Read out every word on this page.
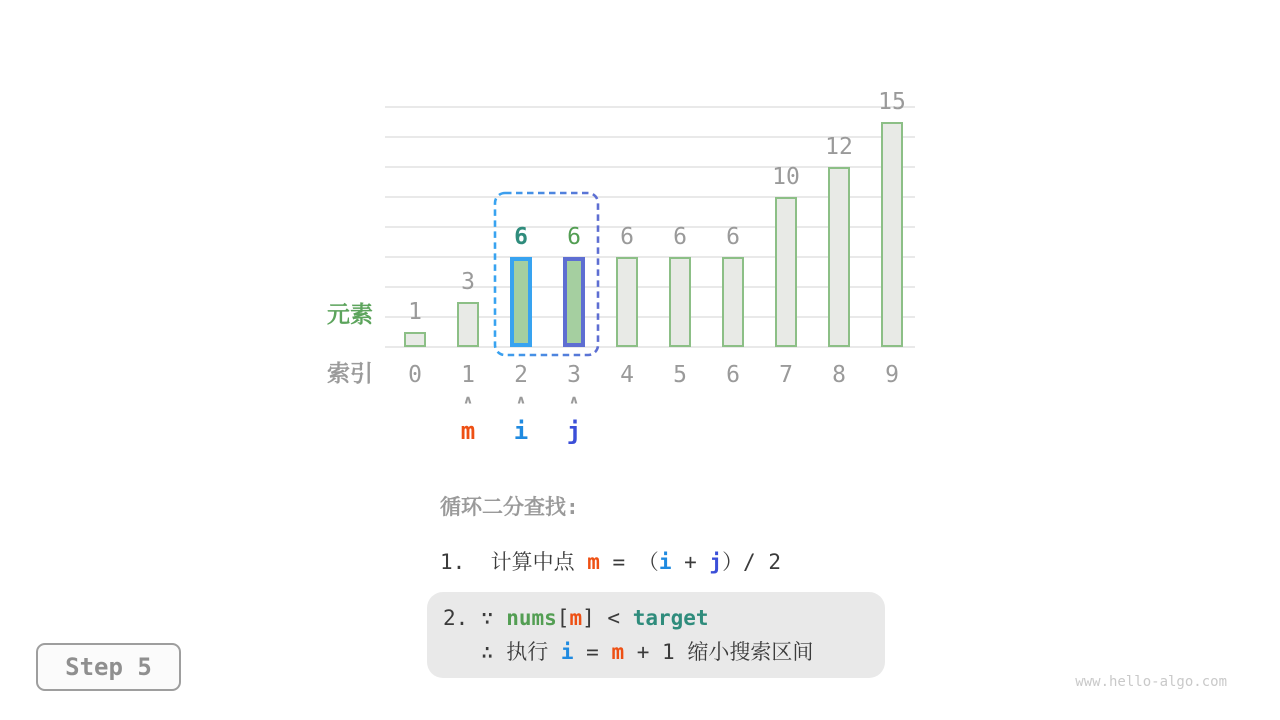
1
0
3
1
6
2
6
3
6
4
6
5
6
6
10
7
12
8
15
9
∧
m
∧
i
∧
j
元素
索引
循环二分查找:
1.  计算中点 m = （i + j）/ 2
2. ∵ nums[m] < target
∴ 执行 i = m + 1 缩小搜索区间
Step 5
www.hello-algo.com
